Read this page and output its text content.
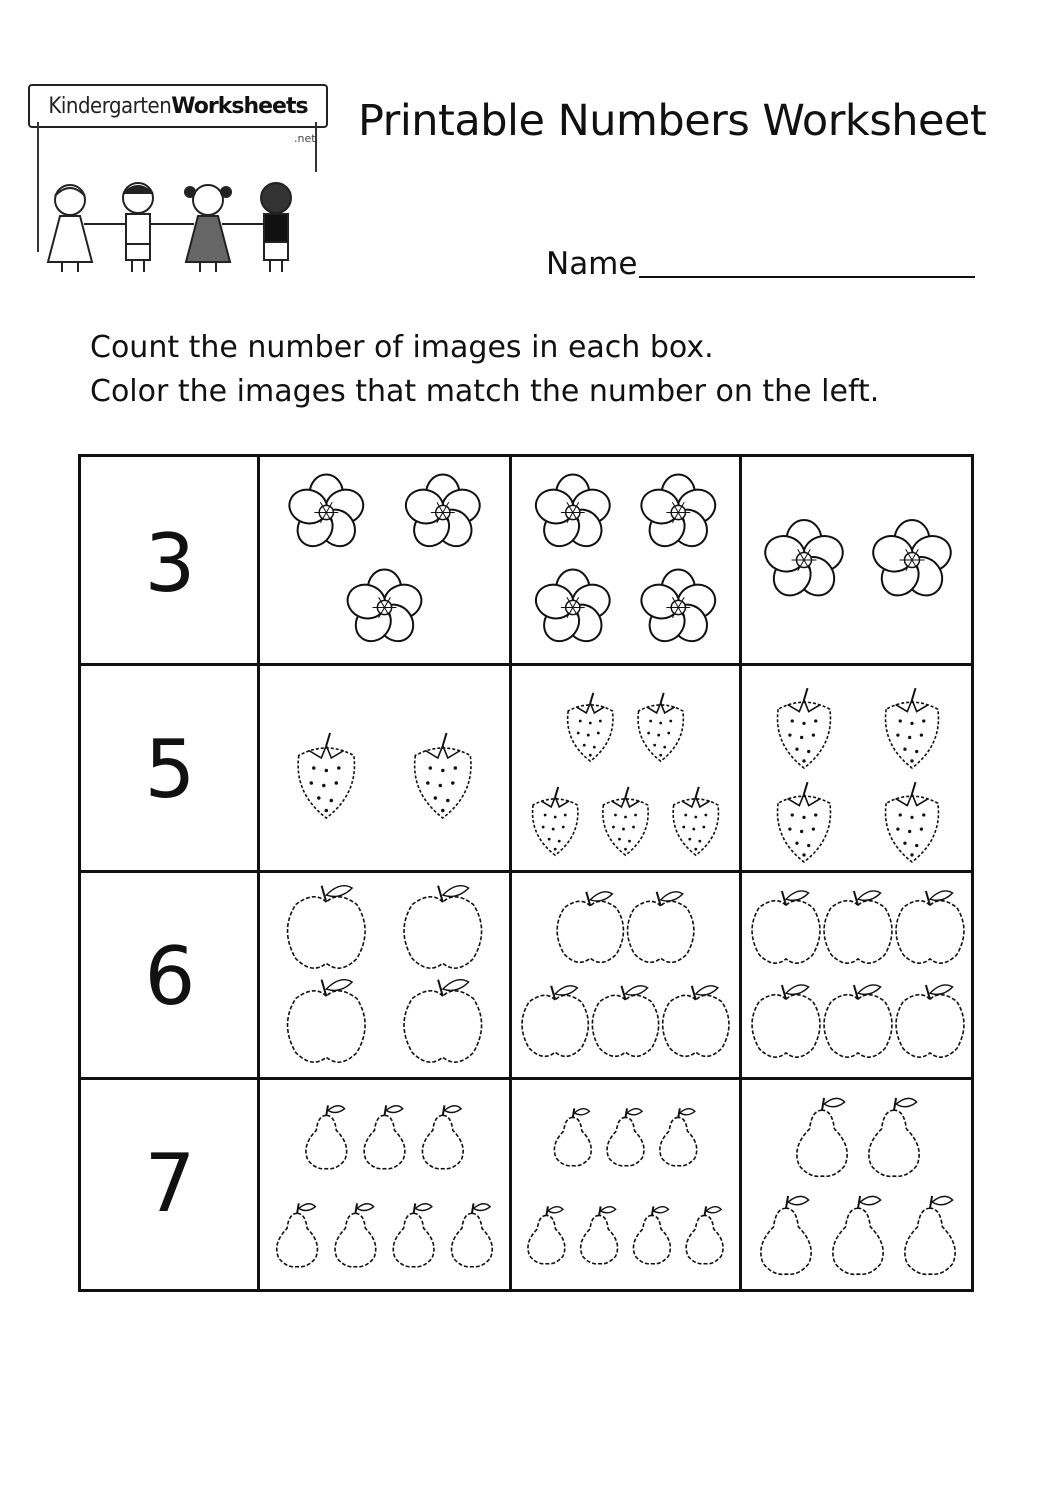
Kindergarten Worksheets
.net Printable Numbers Worksheet
Name
Count the number of images in each box.
Color the images that match the number on the left.
3
5
6
7
